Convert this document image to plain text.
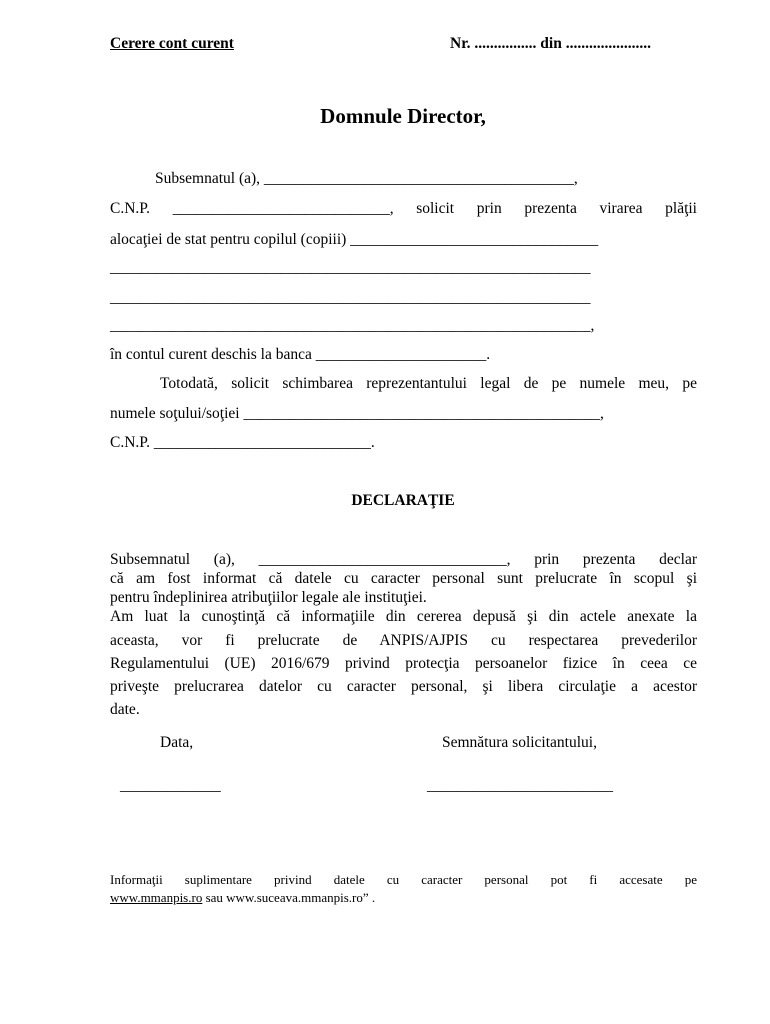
Cerere cont curent	Nr. ................ din ......................
Domnule Director,
Subsemnatul (a), ________________________________________,
C.N.P. ____________________________, solicit prin prezenta virarea plăţii
alocaţiei de stat pentru copilul (copiii) ________________________________
______________________________________________________________
______________________________________________________________
______________________________________________________________,
în contul curent deschis la banca ______________________.
Totodată, solicit schimbarea reprezentantului legal de pe numele meu, pe
numele soţului/soţiei ______________________________________________,
C.N.P. ____________________________.
DECLARAŢIE
Subsemnatul (a), ________________________________, prin prezenta declar
că am fost informat că datele cu caracter personal sunt prelucrate în scopul şi
pentru îndeplinirea atribuţiilor legale ale instituţiei.
Am luat la cunoştinţă că informaţiile din cererea depusă şi din actele anexate la
aceasta, vor fi prelucrate de ANPIS/AJPIS cu respectarea prevederilor
Regulamentului (UE) 2016/679 privind protecţia persoanelor fizice în ceea ce
priveşte prelucrarea datelor cu caracter personal, şi libera circulaţie a acestor
date.
Data,	Semnătura solicitantului,
_____________	________________________
Informaţii suplimentare privind datele cu caracter personal pot fi accesate pe
www.mmanpis.ro sau www.suceava.mmanpis.ro” .
